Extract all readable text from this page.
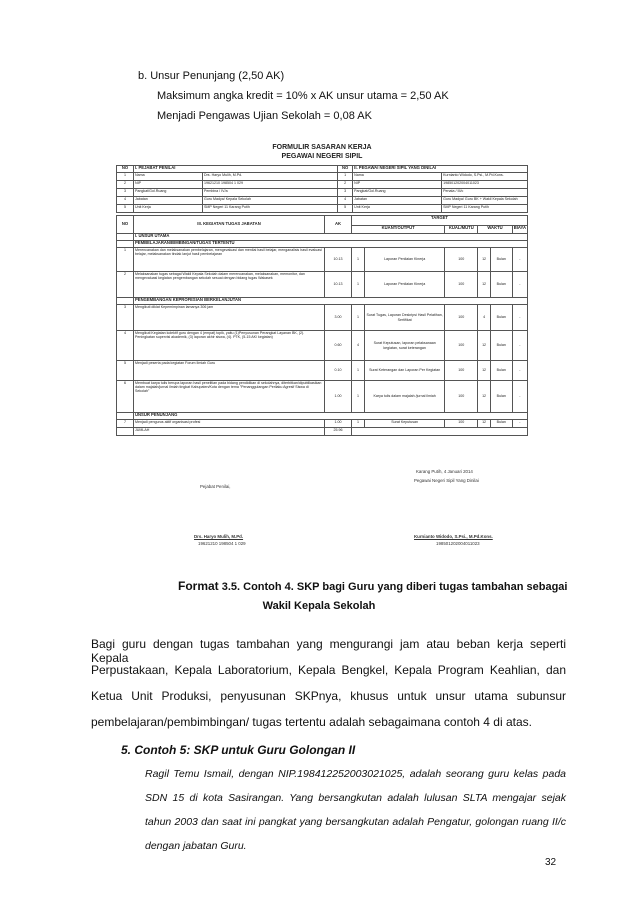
b. Unsur Penunjang (2,50 AK)
Maksimum angka kredit = 10% x AK unsur utama = 2,50 AK
Menjadi Pengawas Ujian Sekolah = 0,08 AK
FORMULIR SASARAN KERJA
PEGAWAI NEGERI SIPIL
NO	I. PEJABAT PENILAI		NO	II. PEGAWAI NEGERI SIPIL YANG DINILAI	
1	Nama	Drs. Haryo Mulih, M.Pd.	1	Nama	Kurnianto Widodo, S.Psi., M.Pd.Kons.
2	NIP	19621210 198504 1 029	2	NIP	198501202004011023
3	Pangkat/Gol.Ruang	Pembina / IV/a	3	Pangkat/Gol.Ruang	Penata / III/c
4	Jabatan	Guru Madya/ Kepala Sekolah	4	Jabatan	Guru Madya/ Guru BK + Wakil Kepala Sekolah
5	Unit Kerja	SMP Negeri 11 Karang Putih	5	Unit Kerja	SMP Negeri 11 Karang Putih
NO	III. KEGIATAN TUGAS JABATAN	AK	TARGET					
			KUANT/OUTPUT		KUAL/MUTU	WAKTU		BIAYA
	I. UNSUR UTAMA							
	PEMBELAJARAN/BIMBINGAN/TUGAS TERTENTU							
1	Merencanakan dan melaksanakan pembelajaran, mengevaluasi dan menilai hasil belajar, menganalisis hasil evaluasi belajar, melaksanakan tindak lanjut hasil pembelajaran	10.13	1	Laporan Penilaian Kinerja	100	12	Bulan	-
2	Melaksanakan tugas sebagai Wakil Kepala Sekolah dalam merencanakan, melaksanakan, memonitor, dan mengevaluasi kegiatan pengembangan sekolah sesuai dengan bidang tugas Wakasek	10.13	1	Laporan Penilaian Kinerja	100	12	Bulan	-
	PENGEMBANGAN KEPROFESIAN BERKELANJUTAN							
3	Mengikuti diklat Kepemimpinan lamanya 306 jam	3.00	1	Surat Tugas, Laporan Deskripsi Hasil Pelatihan, Sertifikat	100	4	Bulan	-
4	Mengikuti Kegiatan kolektif guru dengan 4 (empat) topik, yaitu (1)Penyusunan Perangkat Layanan BK, (2). Peningkatan supervisi akademik, (3) laporan akhir siswa, (4). PTK, (5-15 AK/ kegiatan)	0.60	4	Surat Keputusan, laporan pelaksanaan kegiatan, surat keterangan	100	12	Bulan	-
5	Menjadi peserta pada kegiatan Forum Ilmiah Guru	0.10	1	Surat Keterangan dan Laporan Per Kegiatan	100	12	Bulan	-
6	Membuat karya tulis berupa laporan hasil penelitian pada bidang pendidikan di sekolahnya, diterbitkan/dipublikasikan dalam majalah/jurnal ilmiah tingkat Kabupaten/Kota dengan tema "Penanggulangan Perilaku Agresif Siswa di Sekolah"	1.00	1	Karya tulis dalam majalah /jurnal ilmiah	100	12	Bulan	-
	UNSUR PENUNJANG							
7	Menjadi pengurus aktif organisasi profesi	1.00	1	Surat Keputusan	100	12	Bulan	-
	JUMLAH	25.96						
Karang Putih, 4 Januari 2014
Pejabat Penilai,
Pegawai Negeri Sipil Yang Dinilai
Drs. Haryo Mulih, M.Pd.
19621210 198504 1 029
Kurnianto Widodo, S.Psi., M.Pd.Kons.
198501202004011023
Format 3.5. Contoh 4. SKP bagi Guru yang diberi tugas tambahan sebagai
Wakil Kepala Sekolah
Bagi guru dengan tugas tambahan yang mengurangi jam atau beban kerja seperti Kepala
Perpustakaan, Kepala Laboratorium, Kepala Bengkel, Kepala Program Keahlian, dan
Ketua Unit Produksi, penyusunan SKPnya, khusus untuk unsur utama subunsur
pembelajaran/pembimbingan/ tugas tertentu adalah sebagaimana contoh 4 di atas.
5. Contoh 5: SKP untuk Guru Golongan II
Ragil Temu Ismail, dengan NIP.198412252003021025, adalah seorang guru kelas pada
SDN 15 di kota Sasirangan. Yang bersangkutan adalah lulusan SLTA mengajar sejak
tahun 2003 dan saat ini pangkat yang bersangkutan adalah Pengatur, golongan ruang II/c
dengan jabatan Guru.
32
